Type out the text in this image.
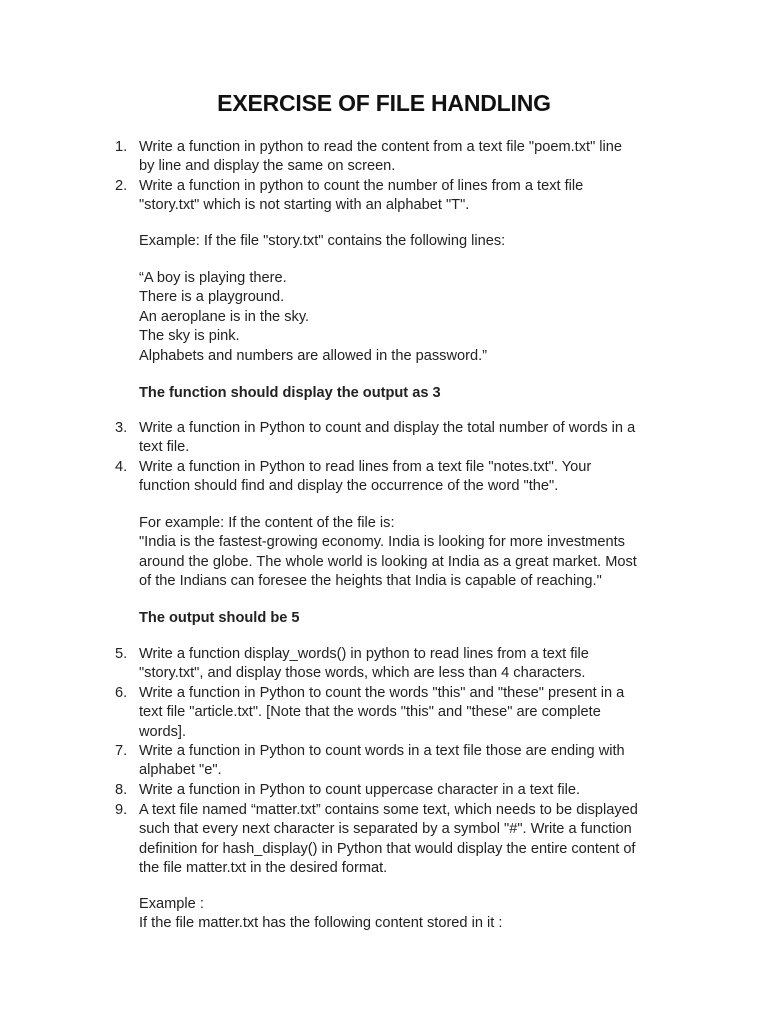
EXERCISE OF FILE HANDLING
1. Write a function in python to read the content from a text file "poem.txt" line
by line and display the same on screen.
2. Write a function in python to count the number of lines from a text file
"story.txt" which is not starting with an alphabet "T".
Example: If the file "story.txt" contains the following lines:
“A boy is playing there.
There is a playground.
An aeroplane is in the sky.
The sky is pink.
Alphabets and numbers are allowed in the password.”
The function should display the output as 3
3. Write a function in Python to count and display the total number of words in a
text file.
4. Write a function in Python to read lines from a text file "notes.txt". Your
function should find and display the occurrence of the word "the".
For example: If the content of the file is:
"India is the fastest-growing economy. India is looking for more investments
around the globe. The whole world is looking at India as a great market. Most
of the Indians can foresee the heights that India is capable of reaching."
The output should be 5
5. Write a function display_words() in python to read lines from a text file
"story.txt", and display those words, which are less than 4 characters.
6. Write a function in Python to count the words "this" and "these" present in a
text file "article.txt". [Note that the words "this" and "these" are complete
words].
7. Write a function in Python to count words in a text file those are ending with
alphabet "e".
8. Write a function in Python to count uppercase character in a text file.
9. A text file named “matter.txt” contains some text, which needs to be displayed
such that every next character is separated by a symbol "#". Write a function
definition for hash_display() in Python that would display the entire content of
the file matter.txt in the desired format.
Example :
If the file matter.txt has the following content stored in it :
